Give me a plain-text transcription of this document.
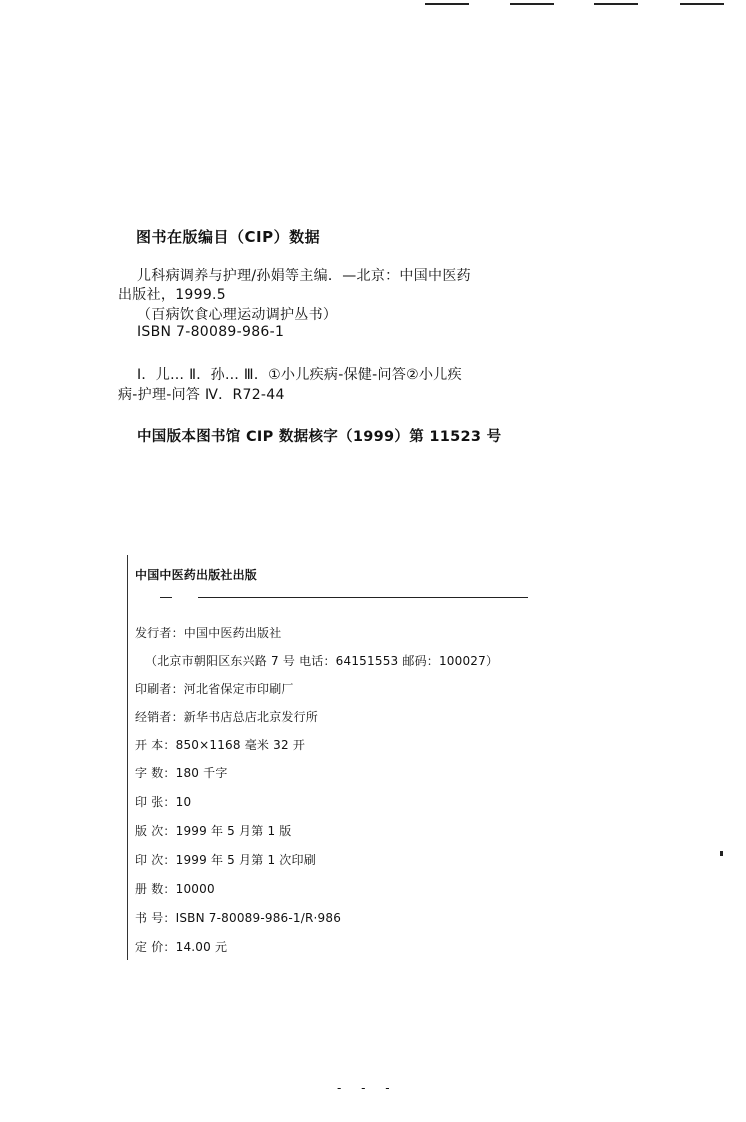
图书在版编目（CIP）数据
儿科病调养与护理/孙娟等主编．—北京：中国中医药
出版社，1999.5
（百病饮食心理运动调护丛书）
ISBN 7-80089-986-1
Ⅰ．儿… Ⅱ．孙… Ⅲ．①小儿疾病-保健-问答②小儿疾
病-护理-问答 Ⅳ．R72-44
中国版本图书馆 CIP 数据核字（1999）第 11523 号
中国中医药出版社出版
发行者：中国中医药出版社
（北京市朝阳区东兴路 7 号 电话：64151553 邮码：100027）
印刷者：河北省保定市印刷厂
经销者：新华书店总店北京发行所
开 本：850×1168 毫米 32 开
字 数：180 千字
印 张：10
版 次：1999 年 5 月第 1 版
印 次：1999 年 5 月第 1 次印刷
册 数：10000
书 号：ISBN 7-80089-986-1/R·986
定 价：14.00 元
- - -
